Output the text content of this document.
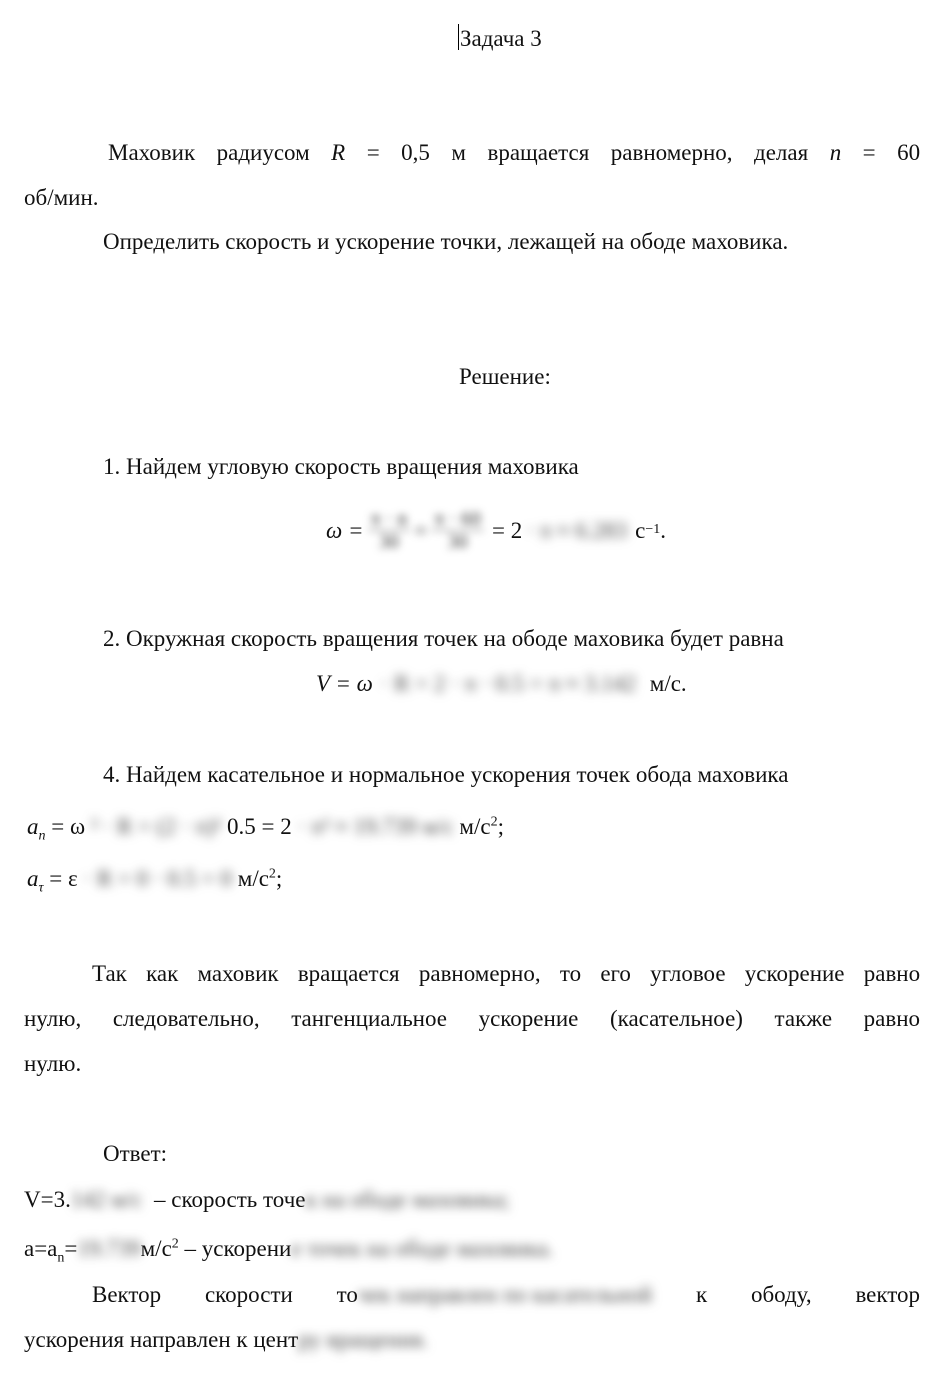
Задача 3
Маховик радиусом R = 0,5 м вращается равномерно, делая n = 60
об/мин.
Определить скорость и ускорение точки, лежащей на ободе маховика.
Решение:
1. Найдем угловую скорость вращения маховика
$\omega = \frac{\pi \cdot n}{30} = \frac{\pi \cdot 60}{30} = 2 \cdot \pi \approx 6.283$ с −1 .
2. Окружная скорость вращения точек на ободе маховика будет равна
V = ω · R = 2 · π · 0.5 = π ≈ 3.142 м/с.
4. Найдем касательное и нормальное ускорения точек обода маховика
$a_n = \omega$ ² · R = (2 · π)² 0.5 = 2 · π² ≈ 19.739 м/с $м/с^2$;
$a_\tau = \varepsilon \cdot R = 0 \cdot 0.5 = 0$ $м/с^2$;
Так как маховик вращается равномерно, то его угловое ускорение равно
нулю, следовательно, тангенциальное ускорение (касательное) также равно
нулю.
Ответ:
V=3.142 м/с – скорость точек на ободе маховика;
$a=a_n=19.739м/с^2$ – ускорение точек на ободе маховика.
Вектор скорости точек направлен по касательной к ободу, вектор
ускорения направлен к центру вращения.
